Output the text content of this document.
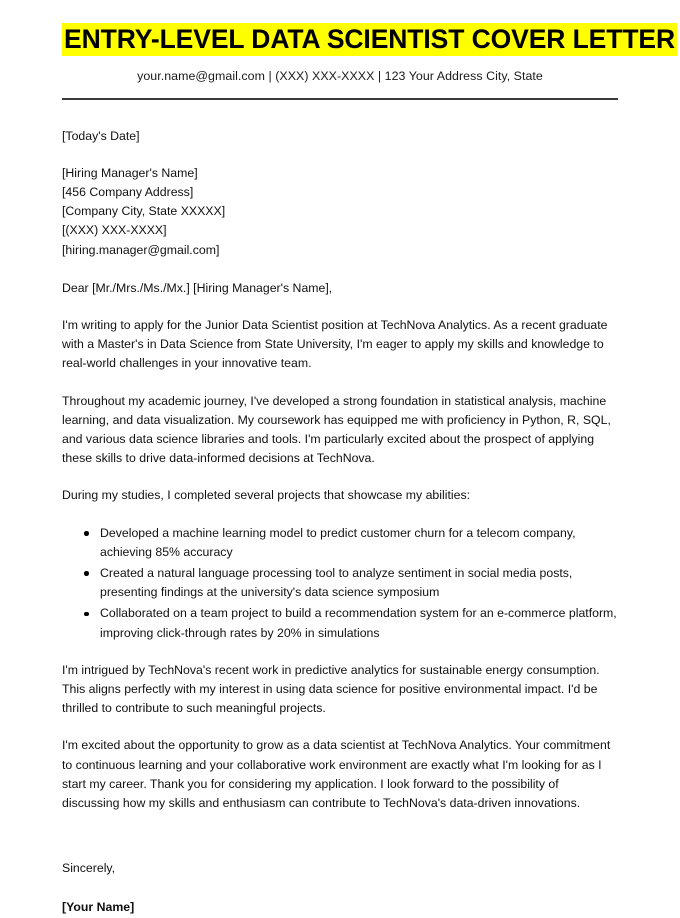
ENTRY-LEVEL DATA SCIENTIST COVER LETTER
your.name@gmail.com | (XXX) XXX-XXXX | 123 Your Address City, State
[Today's Date]
[Hiring Manager's Name]
[456 Company Address]
[Company City, State XXXXX]
[(XXX) XXX-XXXX]
[hiring.manager@gmail.com]
Dear [Mr./Mrs./Ms./Mx.] [Hiring Manager's Name],

I'm writing to apply for the Junior Data Scientist position at TechNova Analytics. As a recent graduate with a Master's in Data Science from State University, I'm eager to apply my skills and knowledge to real-world challenges in your innovative team.

Throughout my academic journey, I've developed a strong foundation in statistical analysis, machine learning, and data visualization. My coursework has equipped me with proficiency in Python, R, SQL, and various data science libraries and tools. I'm particularly excited about the prospect of applying these skills to drive data-informed decisions at TechNova.

During my studies, I completed several projects that showcase my abilities:

Developed a machine learning model to predict customer churn for a telecom company, achieving 85% accuracy
Created a natural language processing tool to analyze sentiment in social media posts, presenting findings at the university's data science symposium
Collaborated on a team project to build a recommendation system for an e-commerce platform, improving click-through rates by 20% in simulations

I'm intrigued by TechNova's recent work in predictive analytics for sustainable energy consumption. This aligns perfectly with my interest in using data science for positive environmental impact. I'd be thrilled to contribute to such meaningful projects.

I'm excited about the opportunity to grow as a data scientist at TechNova Analytics. Your commitment to continuous learning and your collaborative work environment are exactly what I'm looking for as I start my career. Thank you for considering my application. I look forward to the possibility of discussing how my skills and enthusiasm can contribute to TechNova's data-driven innovations.

Sincerely,
[Your Name]
